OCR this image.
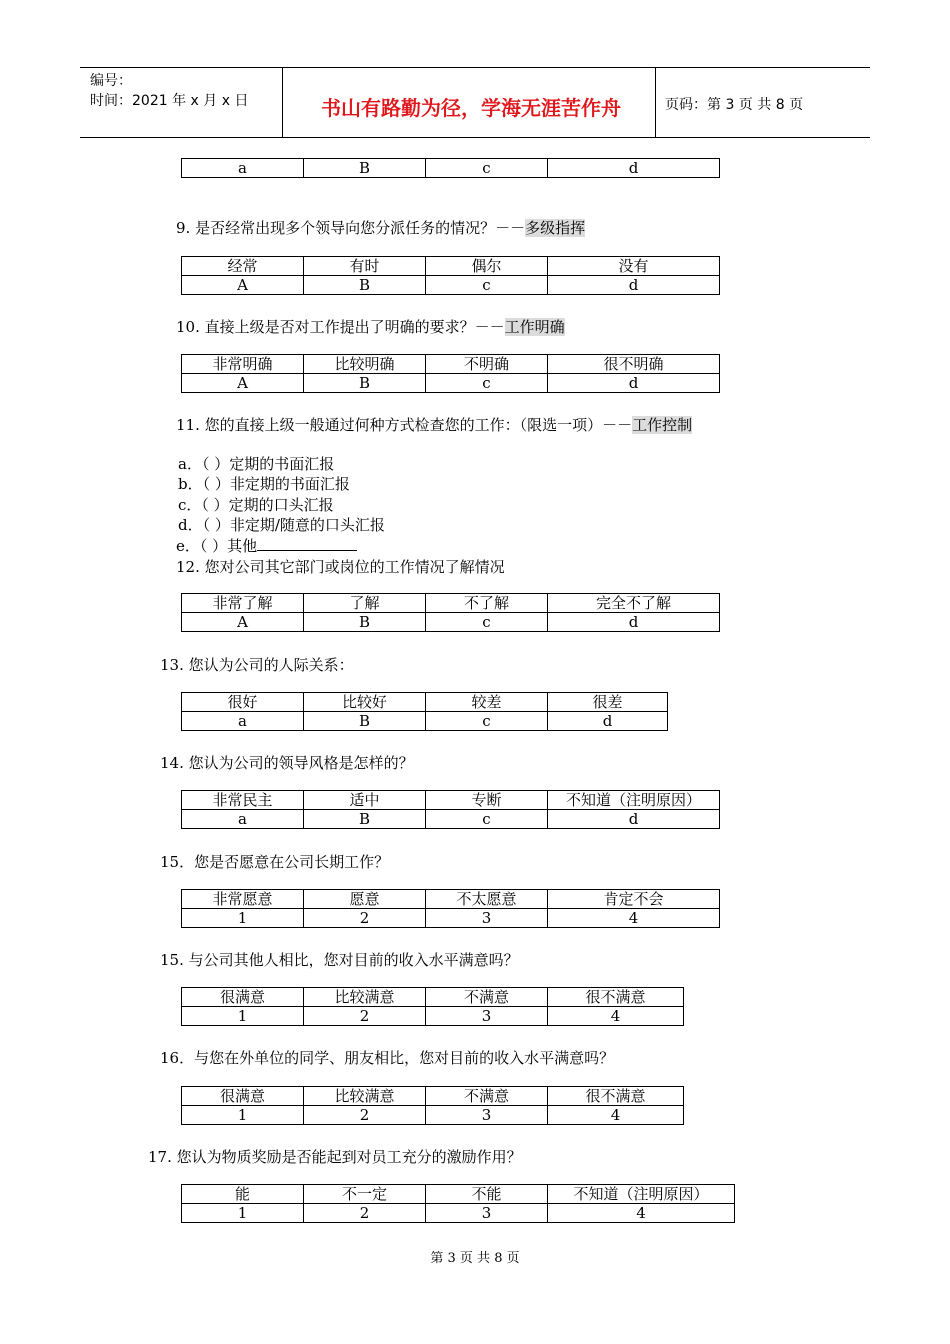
编号：
时间：2021 年 x 月 x 日	书山有路勤为径，学海无涯苦作舟	页码：第 3 页 共 8 页
a	B	c	d
9. 是否经常出现多个领导向您分派任务的情况？－－多级指挥
经常	有时	偶尔	没有
A	B	c	d
10. 直接上级是否对工作提出了明确的要求？－－工作明确
非常明确	比较明确	不明确	很不明确
A	B	c	d
11. 您的直接上级一般通过何种方式检查您的工作：（限选一项）－－工作控制
a．（ ）定期的书面汇报
b．（ ）非定期的书面汇报
c．（ ）定期的口头汇报
d．（ ）非定期/随意的口头汇报
e．（ ）其他
12. 您对公司其它部门或岗位的工作情况了解情况
非常了解	了解	不了解	完全不了解
A	B	c	d
13. 您认为公司的人际关系：
很好	比较好	较差	很差
a	B	c	d
14. 您认为公司的领导风格是怎样的？
非常民主	适中	专断	不知道（注明原因）
a	B	c	d
15．您是否愿意在公司长期工作？
非常愿意	愿意	不太愿意	肯定不会
1	2	3	4
15. 与公司其他人相比，您对目前的收入水平满意吗？
很满意	比较满意	不满意	很不满意
1	2	3	4
16．与您在外单位的同学、朋友相比，您对目前的收入水平满意吗？
很满意	比较满意	不满意	很不满意
1	2	3	4
17. 您认为物质奖励是否能起到对员工充分的激励作用？
能	不一定	不能	不知道（注明原因）
1	2	3	4
第 3 页 共 8 页
